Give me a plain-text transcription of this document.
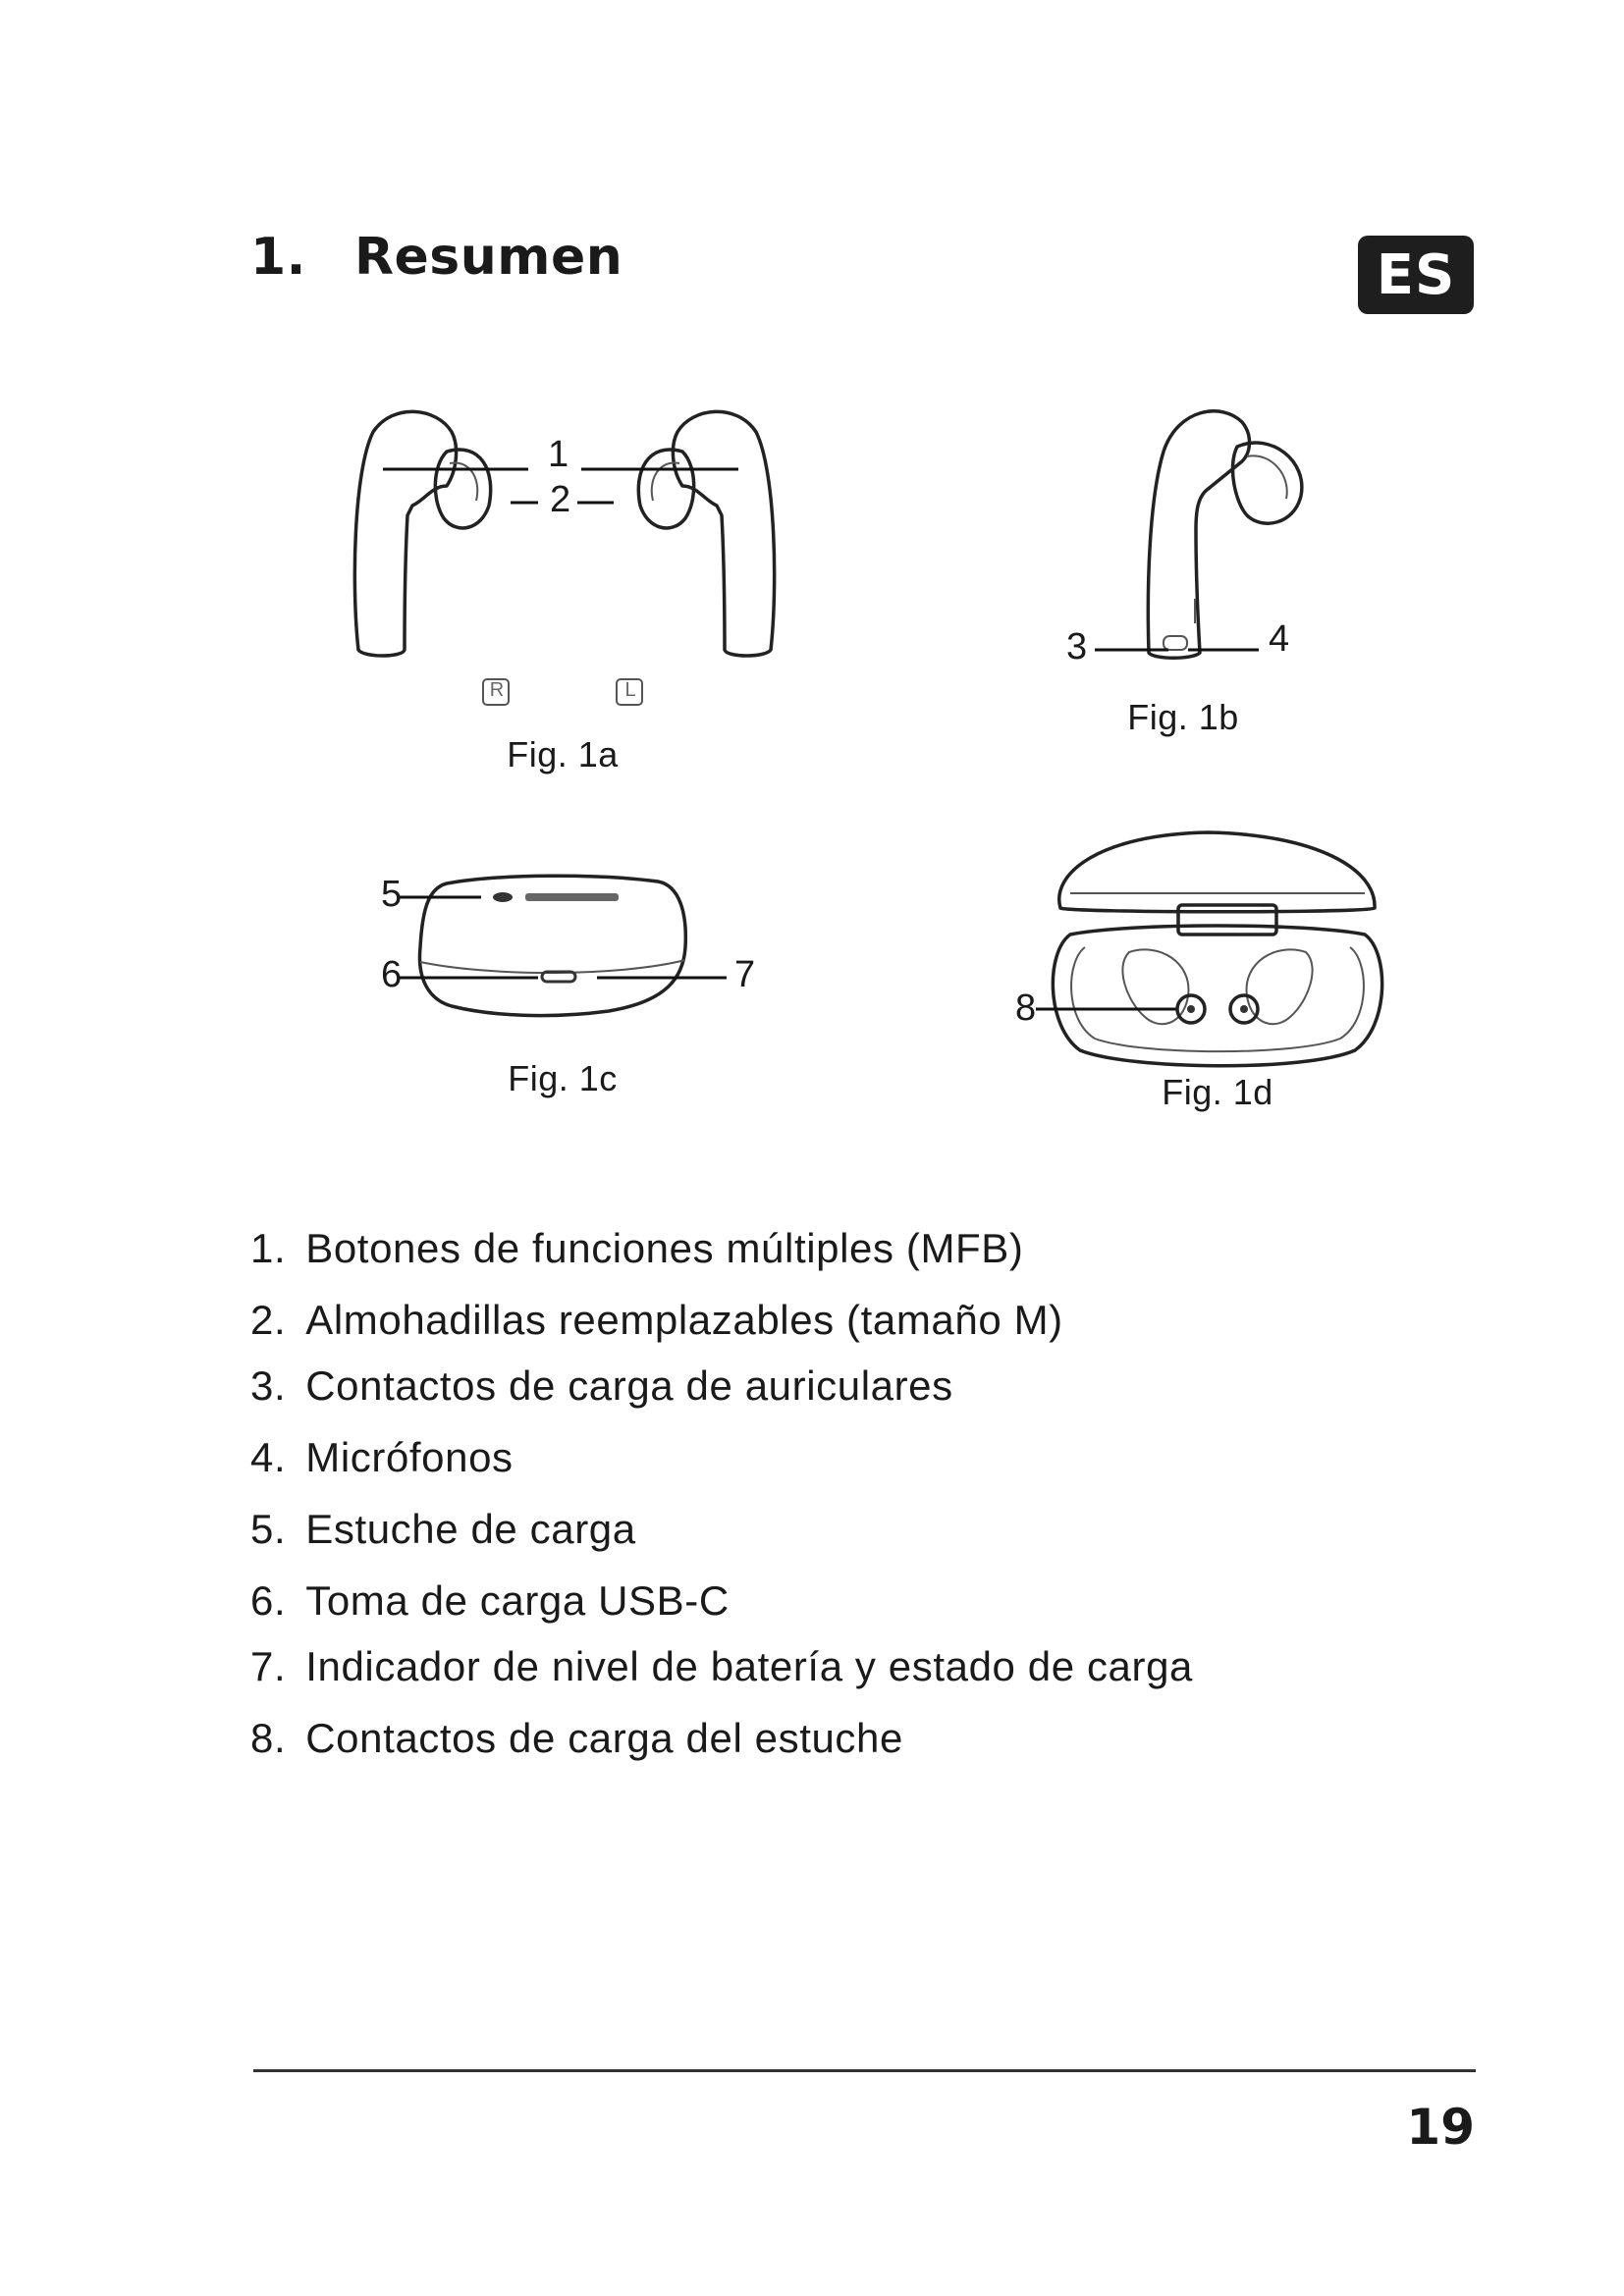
1. Resumen	ES
1
2
R	L
Fig. 1a
3	4
Fig. 1b
5
6	7
Fig. 1c
8
Fig. 1d
1. Botones de funciones múltiples (MFB)
2. Almohadillas reemplazables (tamaño M)
3. Contactos de carga de auriculares
4. Micrófonos
5. Estuche de carga
6. Toma de carga USB-C
7. Indicador de nivel de batería y estado de carga
8. Contactos de carga del estuche
19
